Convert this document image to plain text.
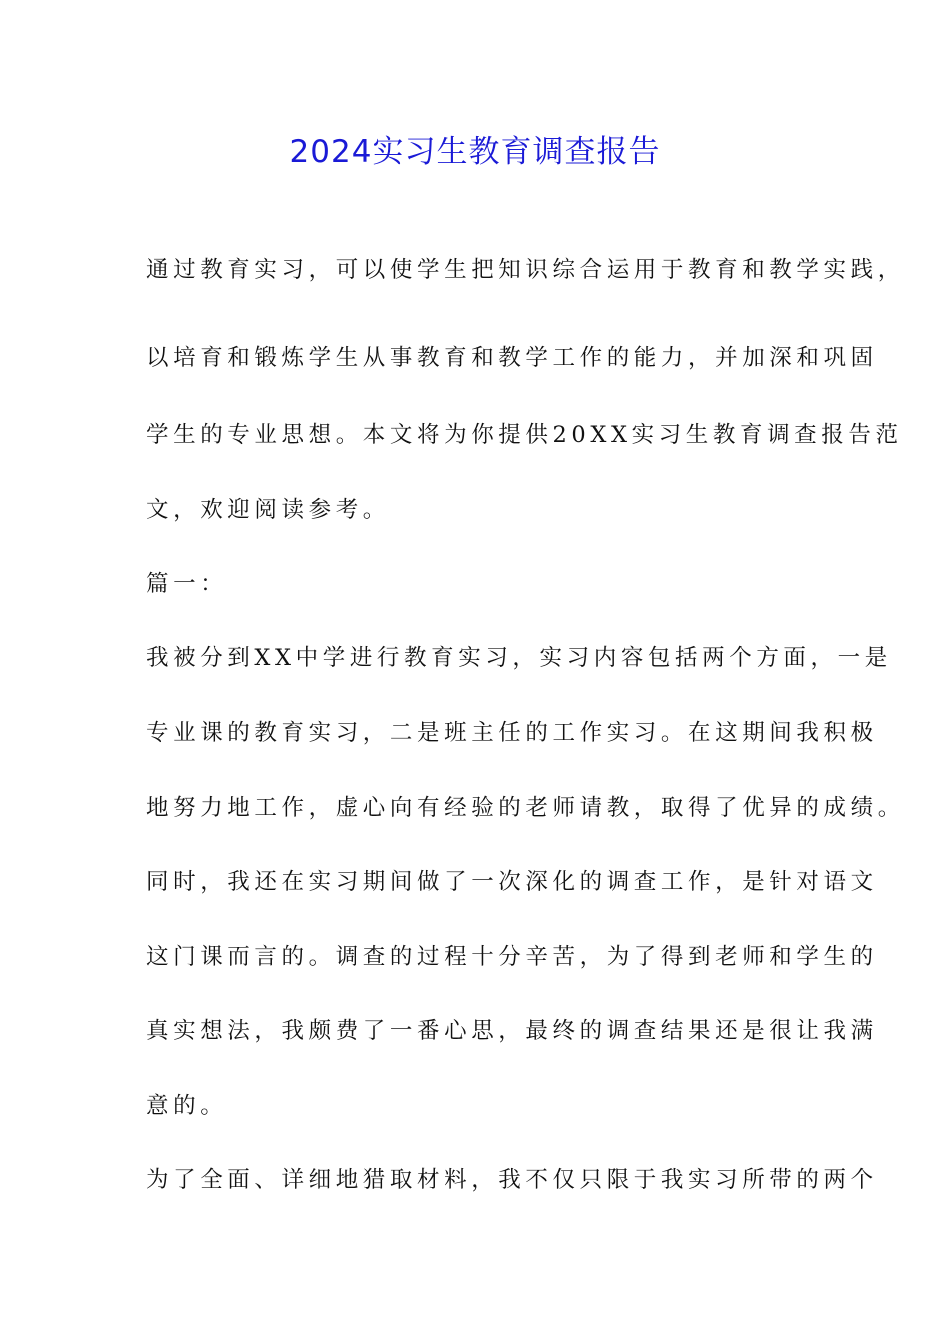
2024实习生教育调查报告

通过教育实习，可以使学生把知识综合运用于教育和教学实践，

以培育和锻炼学生从事教育和教学工作的能力，并加深和巩固

学生的专业思想。本文将为你提供20XX实习生教育调查报告范

文，欢迎阅读参考。

篇一：

我被分到XX中学进行教育实习，实习内容包括两个方面，一是

专业课的教育实习，二是班主任的工作实习。在这期间我积极

地努力地工作，虚心向有经验的老师请教，取得了优异的成绩。

同时，我还在实习期间做了一次深化的调查工作，是针对语文

这门课而言的。调查的过程十分辛苦，为了得到老师和学生的

真实想法，我颇费了一番心思，最终的调查结果还是很让我满

意的。

为了全面、详细地猎取材料，我不仅只限于我实习所带的两个
